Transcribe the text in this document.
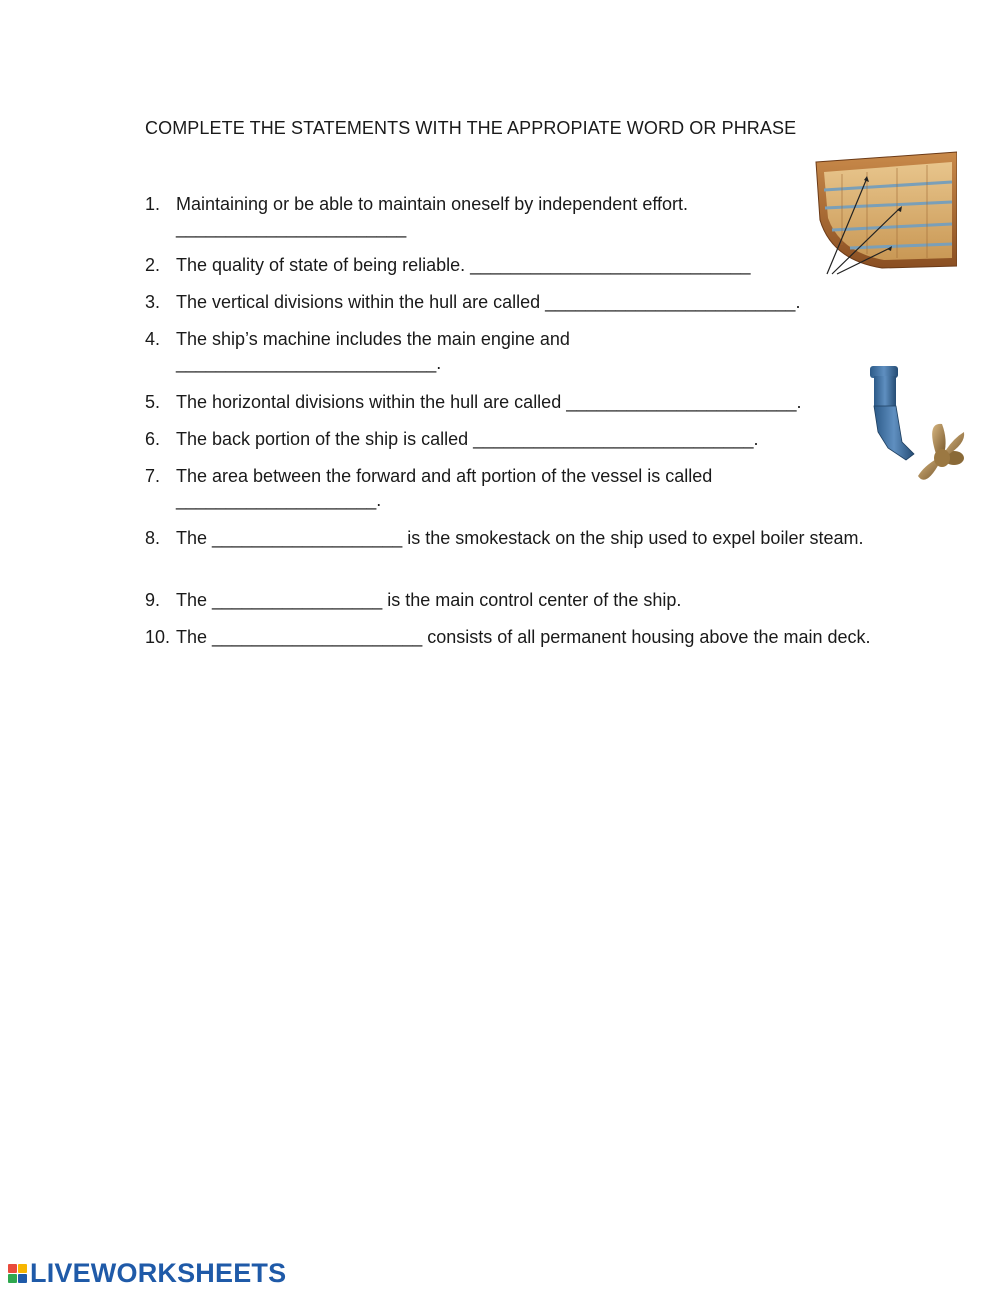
COMPLETE THE STATEMENTS WITH THE APPROPIATE WORD OR PHRASE
1. Maintaining or be able to maintain oneself by independent effort. _______________________
2. The quality of state of being reliable. ____________________________
3. The vertical divisions within the hull are called _________________________.
4. The ship’s machine includes the main engine and __________________________.
5. The horizontal divisions within the hull are called _______________________.
6. The back portion of the ship is called ____________________________.
7. The area between the forward and aft portion of the vessel is called ____________________.
8. The ___________________ is the smokestack on the ship used to expel boiler steam.
9. The _________________ is the main control center of the ship.
10. The _____________________ consists of all permanent housing above the main deck.
LIVEWORKSHEETS
